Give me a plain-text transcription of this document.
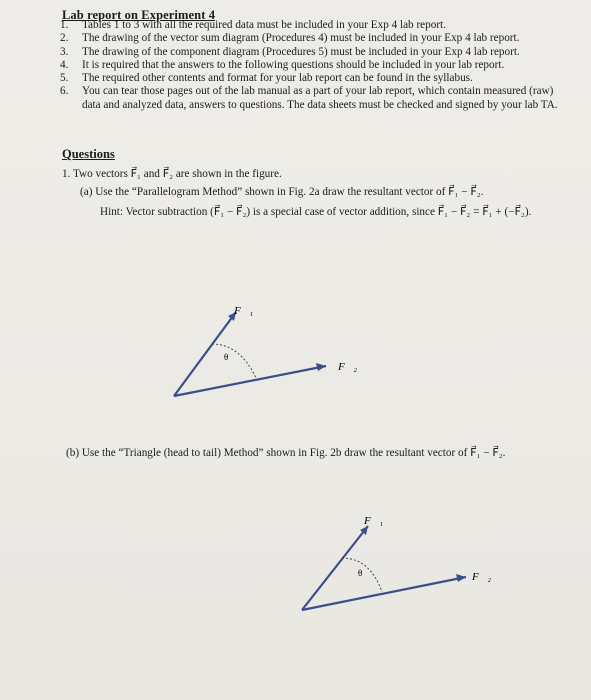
Lab report on Experiment 4
1. Tables 1 to 3 with all the required data must be included in your Exp 4 lab report.
2. The drawing of the vector sum diagram (Procedures 4) must be included in your Exp 4 lab report.
3. The drawing of the component diagram (Procedures 5) must be included in your Exp 4 lab report.
4. It is required that the answers to the following questions should be included in your lab report.
5. The required other contents and format for your lab report can be found in the syllabus.
6. You can tear those pages out of the lab manual as a part of your lab report, which contain measured (raw) data and analyzed data, answers to questions. The data sheets must be checked and signed by your lab TA.
Questions
1. Two vectors F⃗₁ and F⃗₂ are shown in the figure.
(a) Use the “Parallelogram Method” shown in Fig. 2a draw the resultant vector of F⃗₁ − F⃗₂.
Hint: Vector subtraction (F⃗₁ − F⃗₂) is a special case of vector addition, since F⃗₁ − F⃗₂ = F⃗₁ + (−F⃗₂).
F⃗₁
θ
F⃗₂
(b) Use the “Triangle (head to tail) Method” shown in Fig. 2b draw the resultant vector of F⃗₁ − F⃗₂.
F⃗₁
θ	F⃗₂
